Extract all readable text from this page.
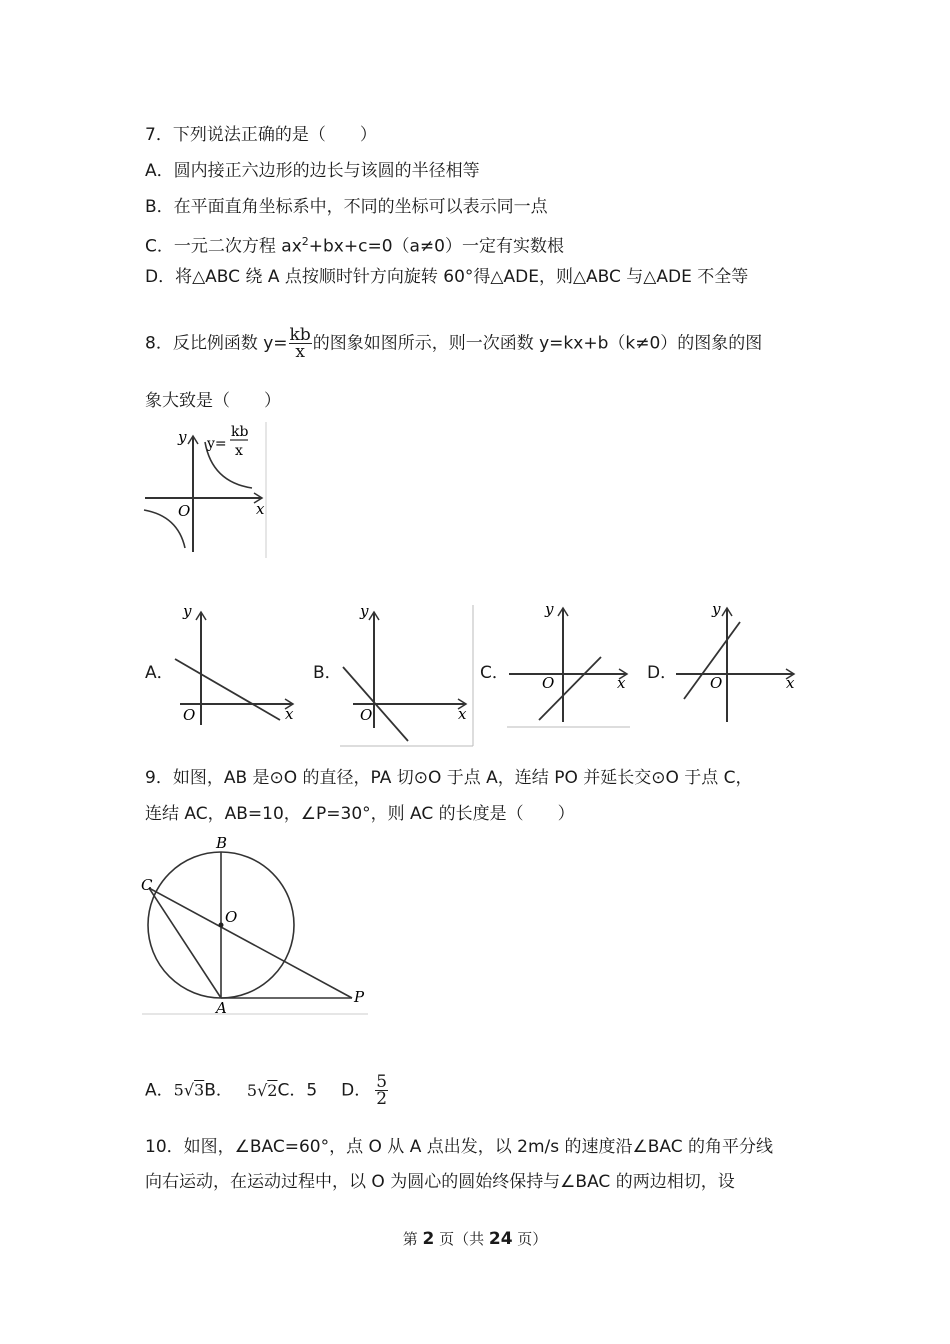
7．下列说法正确的是（　　）
A．圆内接正六边形的边长与该圆的半径相等
B．在平面直角坐标系中，不同的坐标可以表示同一点
C．一元二次方程 $ax^2+bx+c=0(a\ne 0)$一定有实数根
D．将△ABC 绕 A 点按顺时针方向旋转 60°得△ADE，则△ABC 与△ADE 不全等
8．反比例函数 $y= \frac{kb}{x}$ 的图象如图所示，则一次函数 y=kx+b（k≠0）的图象的图
象大致是（　　）
y
x
O
y=
kb
x
A．
y
x
O
B．
y
x
O
C．
y
x
O	D．
y
x
O
9．如图，AB 是⊙O 的直径，PA 切⊙O 于点 A，连结 PO 并延长交⊙O 于点 C，
连结 AC，AB=10，∠P=30°，则 AC 的长度是（　　）
B
C
O
A
P
A．5√3B． 5√2C．5 D． $\frac{5}{2}$
10．如图，∠BAC=60°，点 O 从 A 点出发，以 2m/s 的速度沿∠BAC 的角平分线
向右运动，在运动过程中，以 O 为圆心的圆始终保持与∠BAC 的两边相切，设
第 2 页（共 24 页）
